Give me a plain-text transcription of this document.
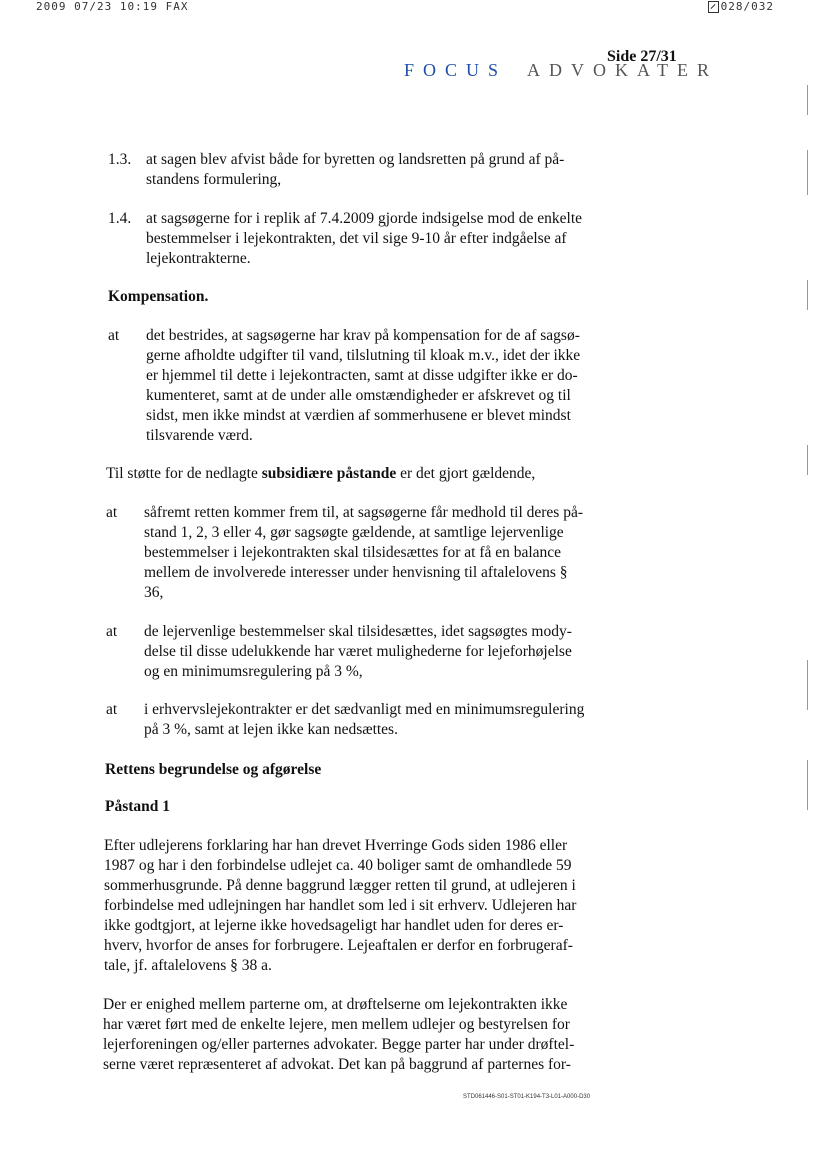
2009 07/23 10:19 FAX	028/032
FOCUS ADVOKATER
Side 27/31
1.3. at sagen blev afvist både for byretten og landsretten på grund af på-
standens formulering,
1.4. at sagsøgerne for i replik af 7.4.2009 gjorde indsigelse mod de enkelte
bestemmelser i lejekontrakten, det vil sige 9-10 år efter indgåelse af
lejekontrakterne.
Kompensation.
at det bestrides, at sagsøgerne har krav på kompensation for de af sagsø-
gerne afholdte udgifter til vand, tilslutning til kloak m.v., idet der ikke
er hjemmel til dette i lejekontracten, samt at disse udgifter ikke er do-
kumenteret, samt at de under alle omstændigheder er afskrevet og til
sidst, men ikke mindst at værdien af sommerhusene er blevet mindst
tilsvarende værd.
Til støtte for de nedlagte subsidiære påstande er det gjort gældende,
at såfremt retten kommer frem til, at sagsøgerne får medhold til deres på-
stand 1, 2, 3 eller 4, gør sagsøgte gældende, at samtlige lejervenlige
bestemmelser i lejekontrakten skal tilsidesættes for at få en balance
mellem de involverede interesser under henvisning til aftalelovens §
36,
at de lejervenlige bestemmelser skal tilsidesættes, idet sagsøgtes mody-
delse til disse udelukkende har været mulighederne for lejeforhøjelse
og en minimumsregulering på 3 %,
at i erhvervslejekontrakter er det sædvanligt med en minimumsregulering
på 3 %, samt at lejen ikke kan nedsættes.
Rettens begrundelse og afgørelse
Påstand 1
Efter udlejerens forklaring har han drevet Hverringe Gods siden 1986 eller
1987 og har i den forbindelse udlejet ca. 40 boliger samt de omhandlede 59
sommerhusgrunde. På denne baggrund lægger retten til grund, at udlejeren i
forbindelse med udlejningen har handlet som led i sit erhverv. Udlejeren har
ikke godtgjort, at lejerne ikke hovedsageligt har handlet uden for deres er-
hverv, hvorfor de anses for forbrugere. Lejeaftalen er derfor en forbrugeraf-
tale, jf. aftalelovens § 38 a.
Der er enighed mellem parterne om, at drøftelserne om lejekontrakten ikke
har været ført med de enkelte lejere, men mellem udlejer og bestyrelsen for
lejerforeningen og/eller parternes advokater. Begge parter har under drøftel-
serne været repræsenteret af advokat. Det kan på baggrund af parternes for-
STD061446-S01-ST01-K194-T3-L01-A000-D30
